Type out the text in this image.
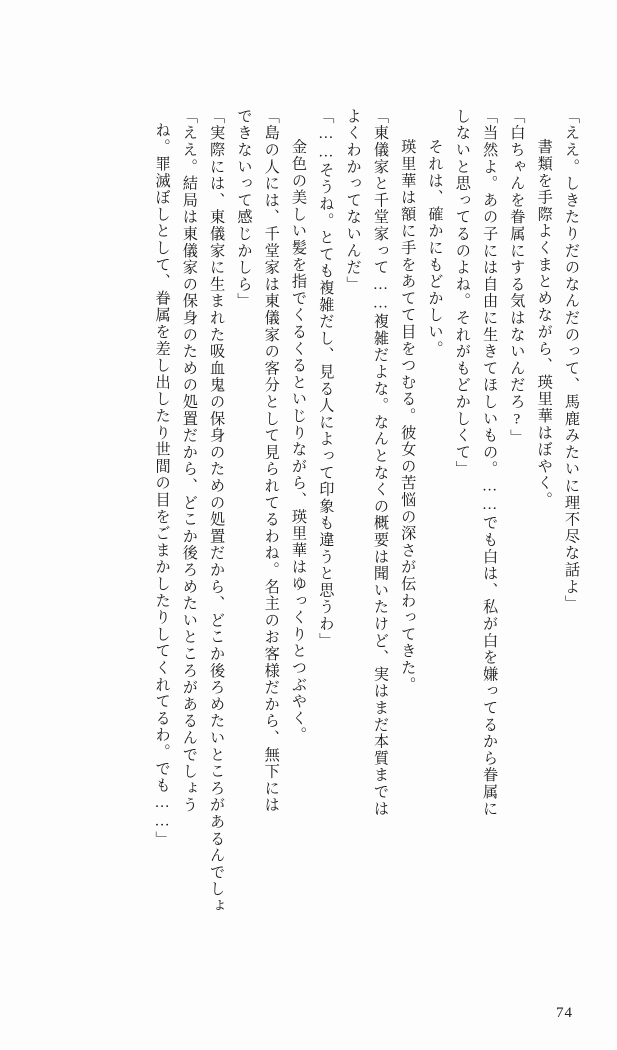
「ええ。しきたりだのなんだのって、馬鹿みたいに理不尽な話よ」
　書類を手際よくまとめながら、瑛里華はぼやく。
「白ちゃんを眷属にする気はないんだろ?」
「当然よ。あの子には自由に生きてほしいもの。……でも白は、私が白を嫌ってるから眷属に
しないと思ってるのよね。それがもどかしくて」
　それは、確かにもどかしい。
　瑛里華は額に手をあてて目をつむる。彼女の苦悩の深さが伝わってきた。
「東儀家と千堂家って……複雑だよな。なんとなくの概要は聞いたけど、実はまだ本質までは
よくわかってないんだ」
「……そうね。とても複雑だし、見る人によって印象も違うと思うわ」
　金色の美しい髪を指でくるくるといじりながら、瑛里華はゆっくりとつぶやく。
「島の人には、千堂家は東儀家の客分として見られてるわね。名主のお客様だから、無下には
できないって感じかしら」
「実際には、東儀家に生まれた吸血鬼の保身のための処置だから、どこか後ろめたいところがあるんでしょ
「ええ。結局は東儀家の保身のための処置だから、どこか後ろめたいところがあるんでしょう
ね。罪滅ぼしとして、眷属を差し出したり世間の目をごまかしたりしてくれてるわ。でも……」
74
